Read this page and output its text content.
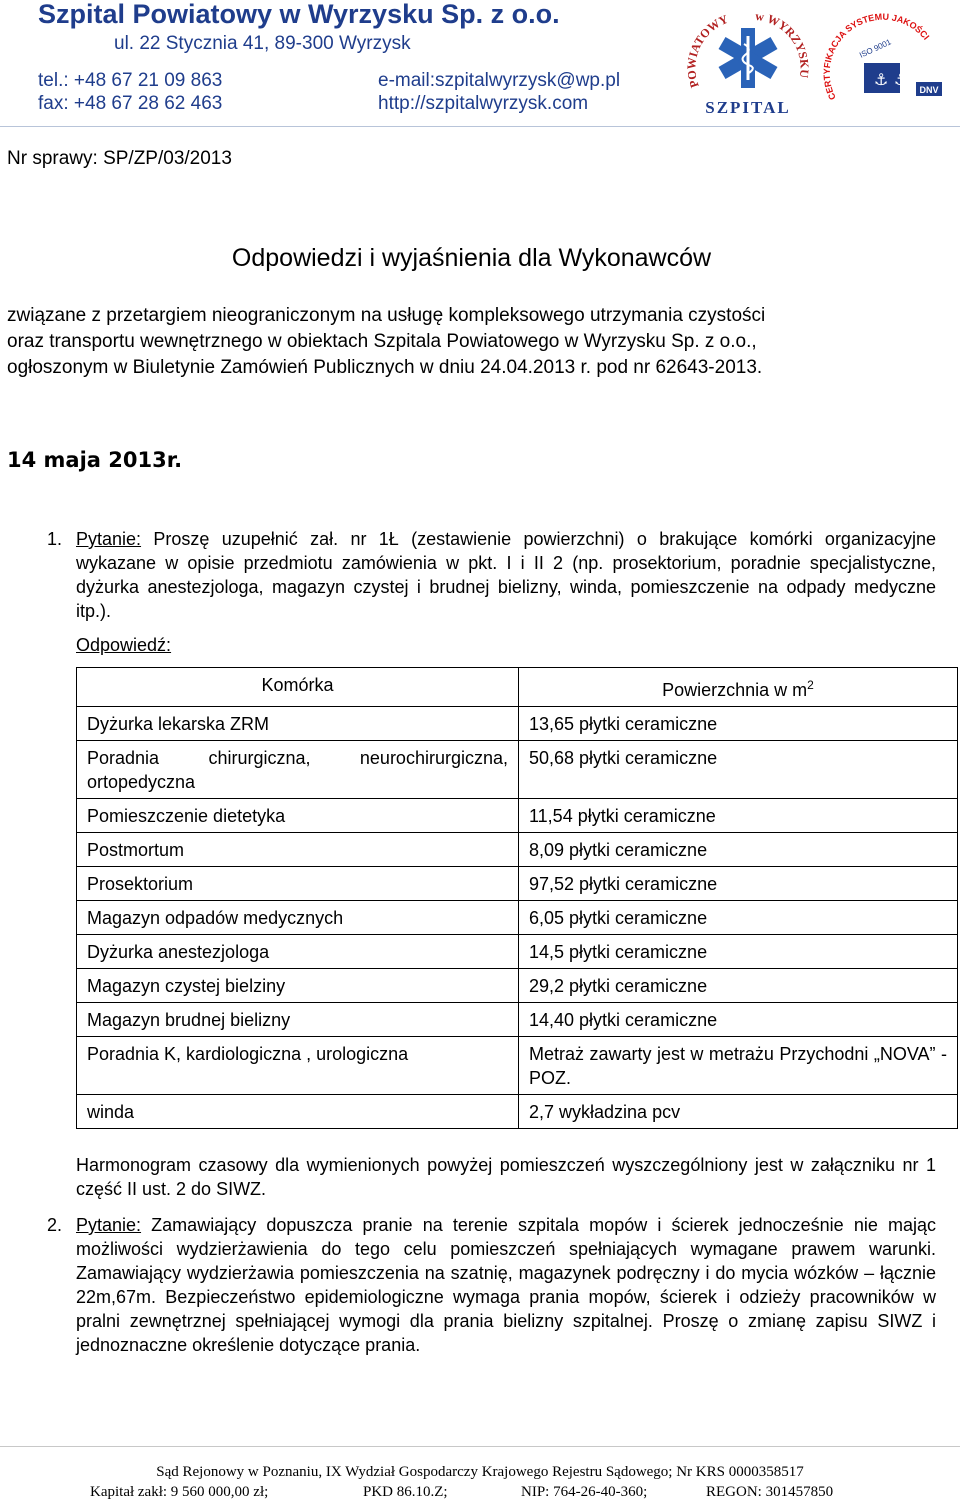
Szpital Powiatowy w Wyrzysku Sp. z o.o.
ul. 22 Stycznia 41, 89-300 Wyrzysk
tel.: +48 67 21 09 863
fax: +48 67 28 62 463
e-mail:szpitalwyrzysk@wp.pl
http://szpitalwyrzysk.com
POWIATOWY w WYRZYSKU
SZPITAL
CERTYFIKACJA SYSTEMU JAKOŚCI
ISO 9001
⚓ ⚓
DNV
Nr sprawy: SP/ZP/03/2013
Odpowiedzi i wyjaśnienia dla Wykonawców
związane z przetargiem nieograniczonym na usługę kompleksowego utrzymania czystości
oraz transportu wewnętrznego w obiektach Szpitala Powiatowego w Wyrzysku Sp. z o.o.,
ogłoszonym w Biuletynie Zamówień Publicznych w dniu 24.04.2013 r. pod nr 62643-2013.
14 maja 2013r.
1. Pytanie: Proszę uzupełnić zał. nr 1Ł (zestawienie powierzchni) o brakujące komórki organizacyjne wykazane w opisie przedmiotu zamówienia w pkt. I i II 2 (np. prosektorium, poradnie specjalistyczne, dyżurka anestezjologa, magazyn czystej i brudnej bielizny, winda, pomieszczenie na odpady medyczne itp.).
Odpowiedź:
Komórka	Powierzchnia w $m^2$
Dyżurka lekarska ZRM	13,65 płytki ceramiczne
Poradnia chirurgiczna, neurochirurgiczna, ortopedyczna	50,68 płytki ceramiczne
Pomieszczenie dietetyka	11,54 płytki ceramiczne
Postmortum	8,09 płytki ceramiczne
Prosektorium	97,52 płytki ceramiczne
Magazyn odpadów medycznych	6,05 płytki ceramiczne
Dyżurka anestezjologa	14,5 płytki ceramiczne
Magazyn czystej bielziny	29,2 płytki ceramiczne
Magazyn brudnej bielizny	14,40 płytki ceramiczne
Poradnia K, kardiologiczna , urologiczna	Metraż zawarty jest w metrażu Przychodni „NOVA” - POZ.
winda	2,7 wykładzina pcv
Harmonogram czasowy dla wymienionych powyżej pomieszczeń wyszczególniony jest w załączniku nr 1 część II ust. 2 do SIWZ.
2. Pytanie: Zamawiający dopuszcza pranie na terenie szpitala mopów i ścierek jednocześnie nie mając możliwości wydzierżawienia do tego celu pomieszczeń spełniających wymagane prawem warunki. Zamawiający wydzierżawia pomieszczenia na szatnię, magazynek podręczny i do mycia wózków – łącznie 22m,67m. Bezpieczeństwo epidemiologiczne wymaga prania mopów, ścierek i odzieży pracowników w pralni zewnętrznej spełniającej wymogi dla prania bielizny szpitalnej. Proszę o zmianę zapisu SIWZ i jednoznaczne określenie dotyczące prania.
Sąd Rejonowy w Poznaniu, IX Wydział Gospodarczy Krajowego Rejestru Sądowego; Nr KRS 0000358517
Kapitał zakł: 9 560 000,00 zł;	PKD 86.10.Z;	NIP: 764-26-40-360;	REGON: 301457850
